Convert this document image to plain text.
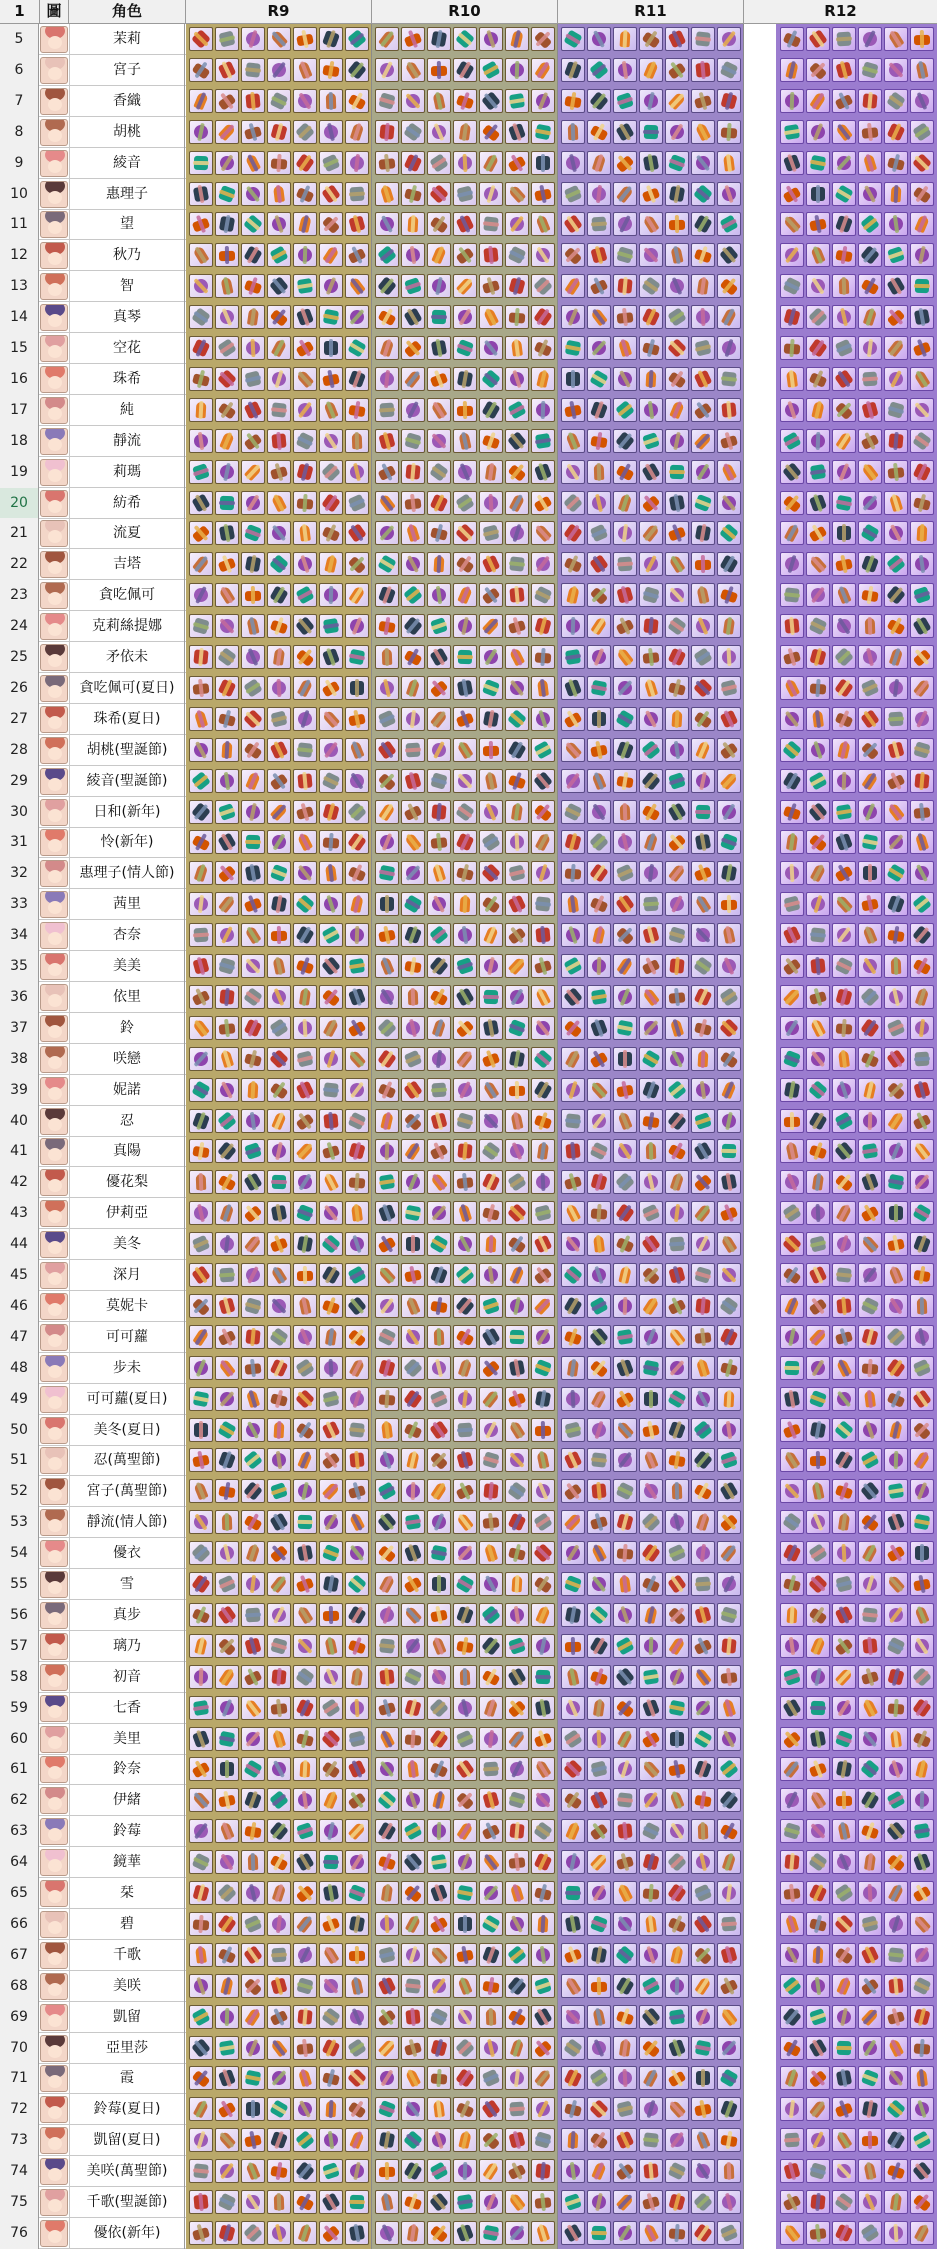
1	圖	角色	R9	R10	R11	R12
5	茉莉
6	宮子
7	香織
8	胡桃
9	綾音
10	惠理子
11	望
12	秋乃
13	智
14	真琴
15	空花
16	珠希
17	純
18	靜流
19	莉瑪
20	紡希
21	流夏
22	吉塔
23	貪吃佩可
24	克莉絲提娜
25	矛依未
26	貪吃佩可(夏日)
27	珠希(夏日)
28	胡桃(聖誕節)
29	綾音(聖誕節)
30	日和(新年)
31	怜(新年)
32	惠理子(情人節)
33	茜里
34	杏奈
35	美美
36	依里
37	鈴
38	咲戀
39	妮諾
40	忍
41	真陽
42	優花梨
43	伊莉亞
44	美冬
45	深月
46	莫妮卡
47	可可蘿
48	步未
49	可可蘿(夏日)
50	美冬(夏日)
51	忍(萬聖節)
52	宮子(萬聖節)
53	靜流(情人節)
54	優衣
55	雪
56	真步
57	璃乃
58	初音
59	七香
60	美里
61	鈴奈
62	伊緒
63	鈴莓
64	鏡華
65	栞
66	碧
67	千歌
68	美咲
69	凱留
70	亞里莎
71	霞
72	鈴莓(夏日)
73	凱留(夏日)
74	美咲(萬聖節)
75	千歌(聖誕節)
76	優依(新年)
